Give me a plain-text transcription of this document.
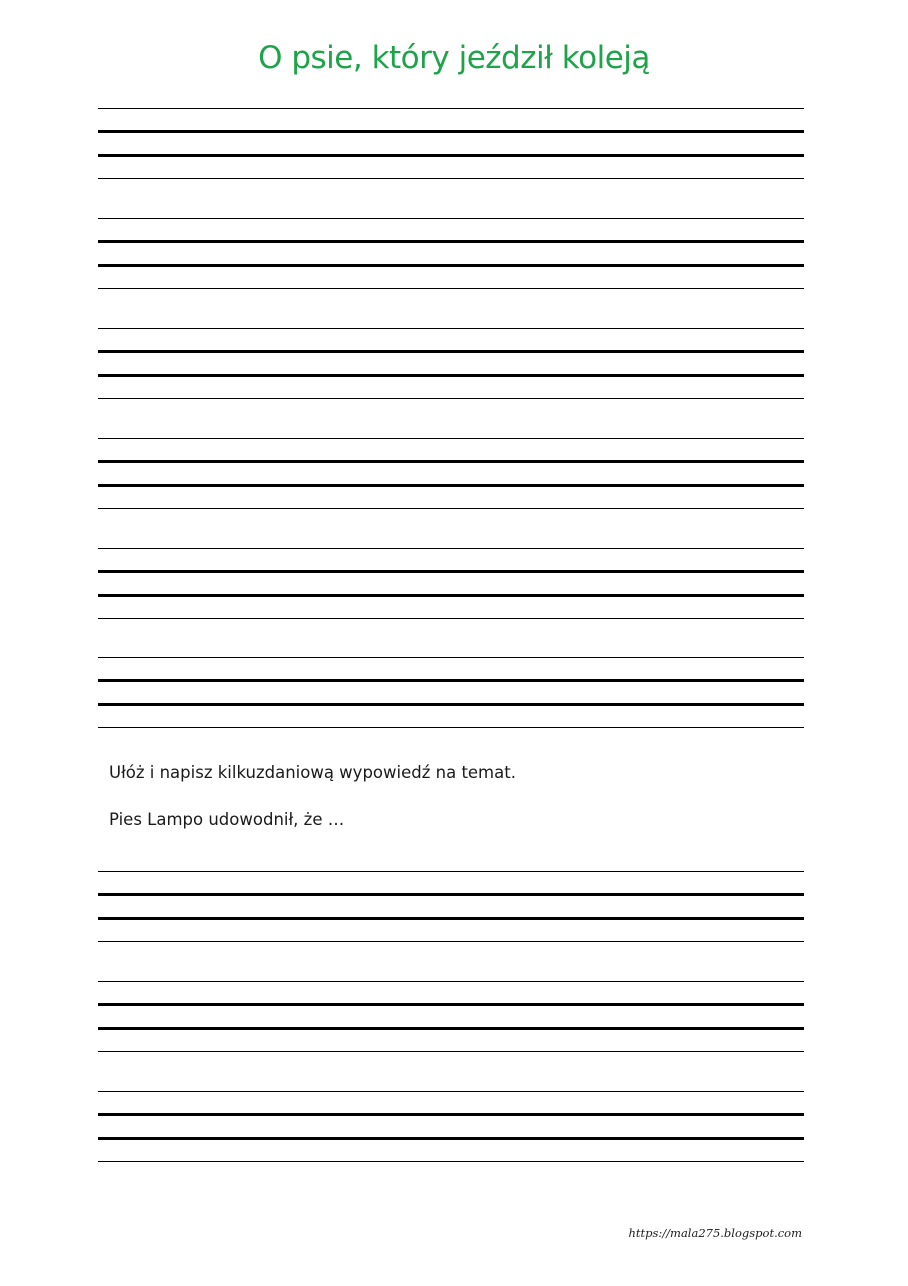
O psie, który jeździł koleją

Ułóż i napisz kilkuzdaniową wypowiedź na temat.

Pies Lampo udowodnił, że …

https://mala275.blogspot.com
